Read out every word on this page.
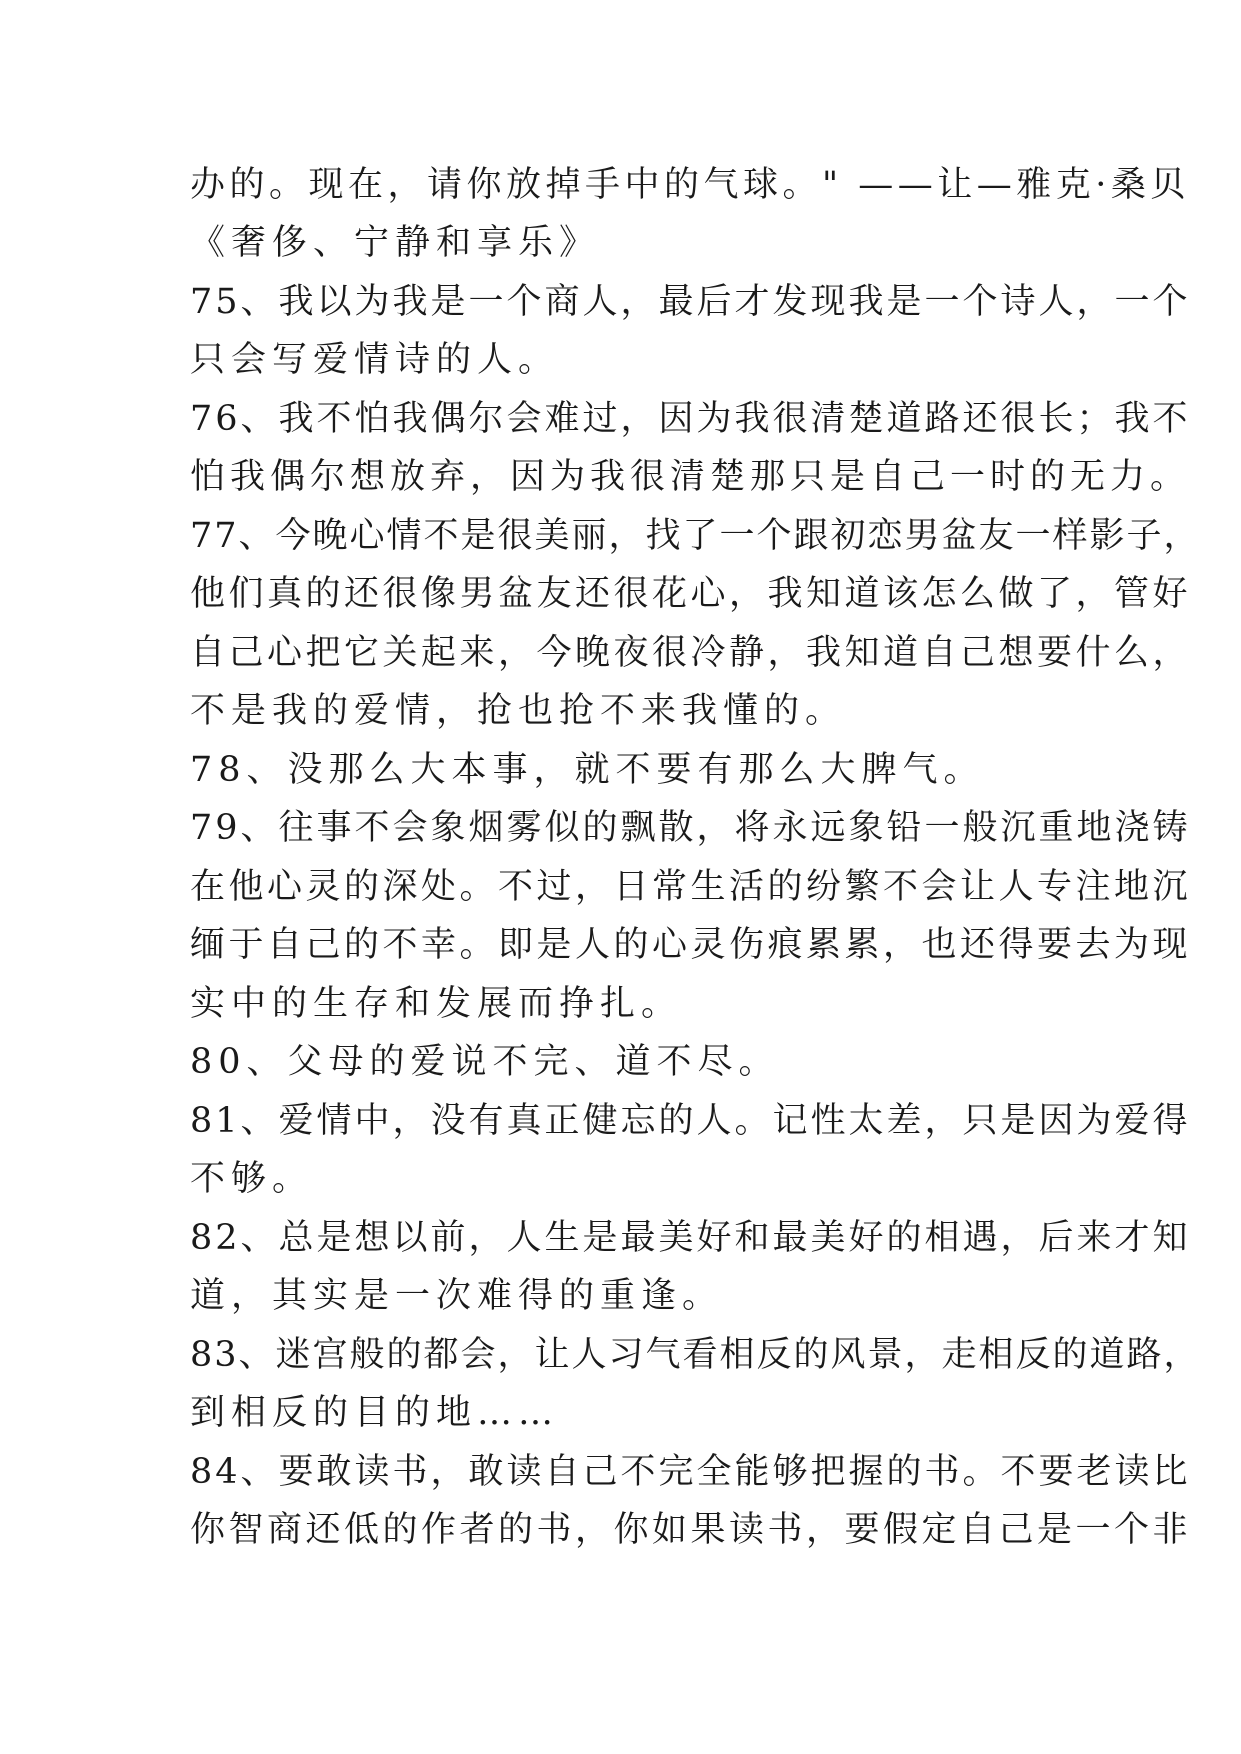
办的。现在，请你放掉手中的气球。" ——让—雅克·桑贝
《奢侈、宁静和享乐》
75、我以为我是一个商人，最后才发现我是一个诗人，一个
只会写爱情诗的人。
76、我不怕我偶尔会难过，因为我很清楚道路还很长；我不
怕我偶尔想放弃，因为我很清楚那只是自己一时的无力。
77、今晚心情不是很美丽，找了一个跟初恋男盆友一样影子，
他们真的还很像男盆友还很花心，我知道该怎么做了，管好
自己心把它关起来，今晚夜很冷静，我知道自己想要什么，
不是我的爱情，抢也抢不来我懂的。
78、没那么大本事，就不要有那么大脾气。
79、往事不会象烟雾似的飘散，将永远象铅一般沉重地浇铸
在他心灵的深处。不过，日常生活的纷繁不会让人专注地沉
缅于自己的不幸。即是人的心灵伤痕累累，也还得要去为现
实中的生存和发展而挣扎。
80、父母的爱说不完、道不尽。
81、爱情中，没有真正健忘的人。记性太差，只是因为爱得
不够。
82、总是想以前，人生是最美好和最美好的相遇，后来才知
道，其实是一次难得的重逢。
83、迷宫般的都会，让人习气看相反的风景，走相反的道路，
到相反的目的地……
84、要敢读书，敢读自己不完全能够把握的书。不要老读比
你智商还低的作者的书，你如果读书，要假定自己是一个非
